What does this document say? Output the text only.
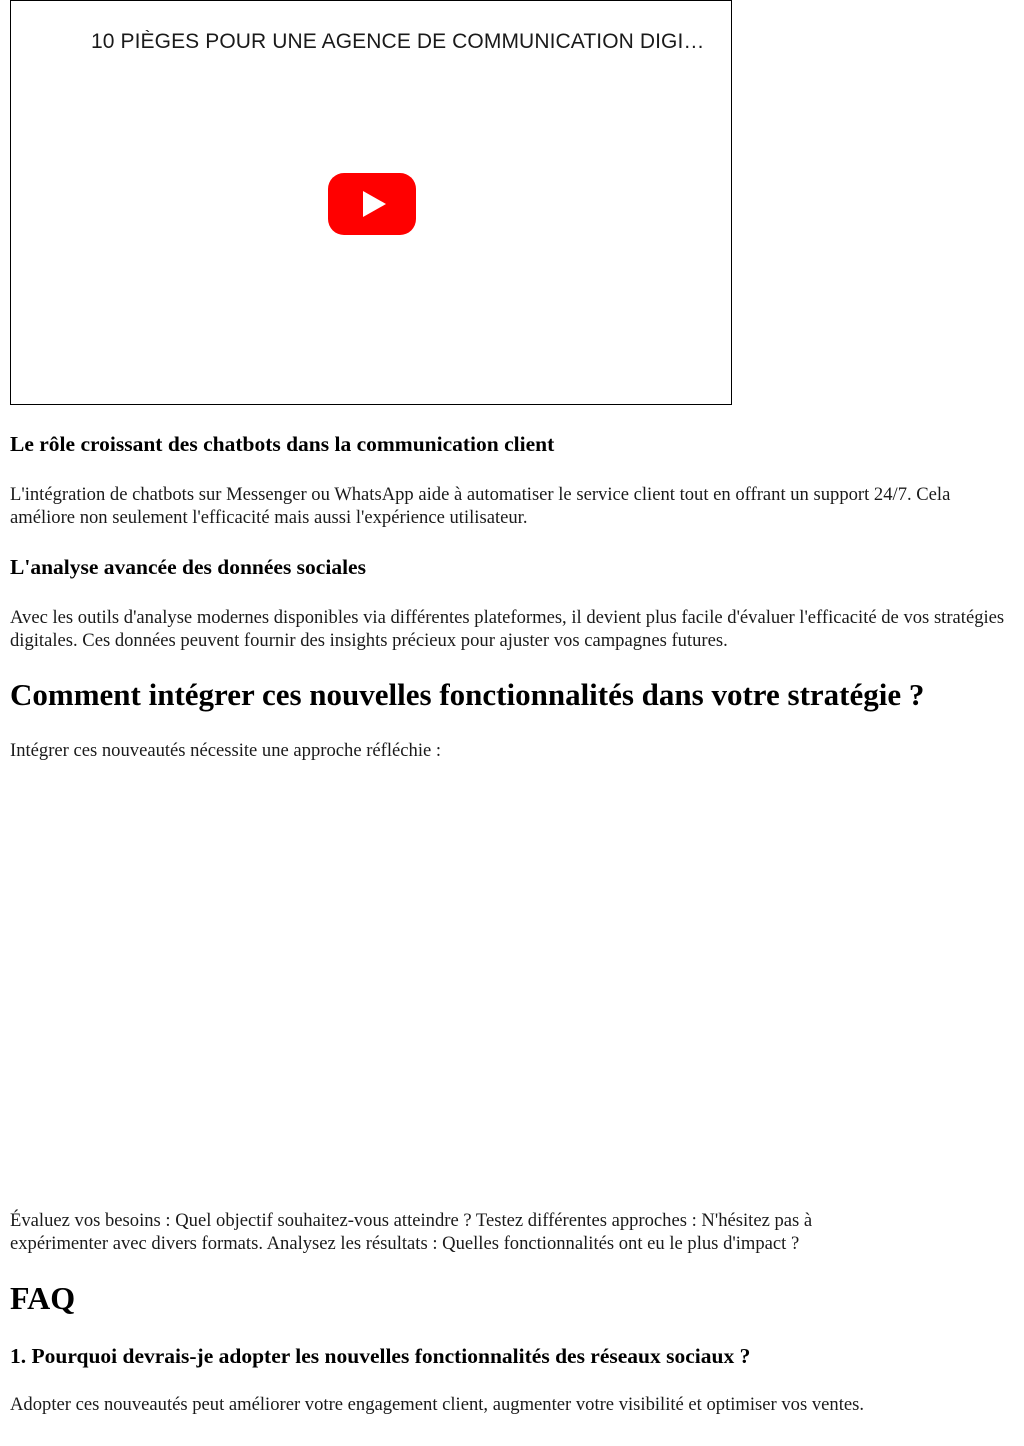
10 PIÈGES POUR UNE AGENCE DE COMMUNICATION DIGI…
Le rôle croissant des chatbots dans la communication client

L'intégration de chatbots sur Messenger ou WhatsApp aide à automatiser le service client tout en offrant un support 24/7. Cela améliore non seulement l'efficacité mais aussi l'expérience utilisateur.

L'analyse avancée des données sociales

Avec les outils d'analyse modernes disponibles via différentes plateformes, il devient plus facile d'évaluer l'efficacité de vos stratégies digitales. Ces données peuvent fournir des insights précieux pour ajuster vos campagnes futures.

Comment intégrer ces nouvelles fonctionnalités dans votre stratégie ?

Intégrer ces nouveautés nécessite une approche réfléchie :

Évaluez vos besoins : Quel objectif souhaitez-vous atteindre ? Testez différentes approches : N'hésitez pas à expérimenter avec divers formats. Analysez les résultats : Quelles fonctionnalités ont eu le plus d'impact ?

FAQ
1. Pourquoi devrais-je adopter les nouvelles fonctionnalités des réseaux sociaux ?

Adopter ces nouveautés peut améliorer votre engagement client, augmenter votre visibilité et optimiser vos ventes.
